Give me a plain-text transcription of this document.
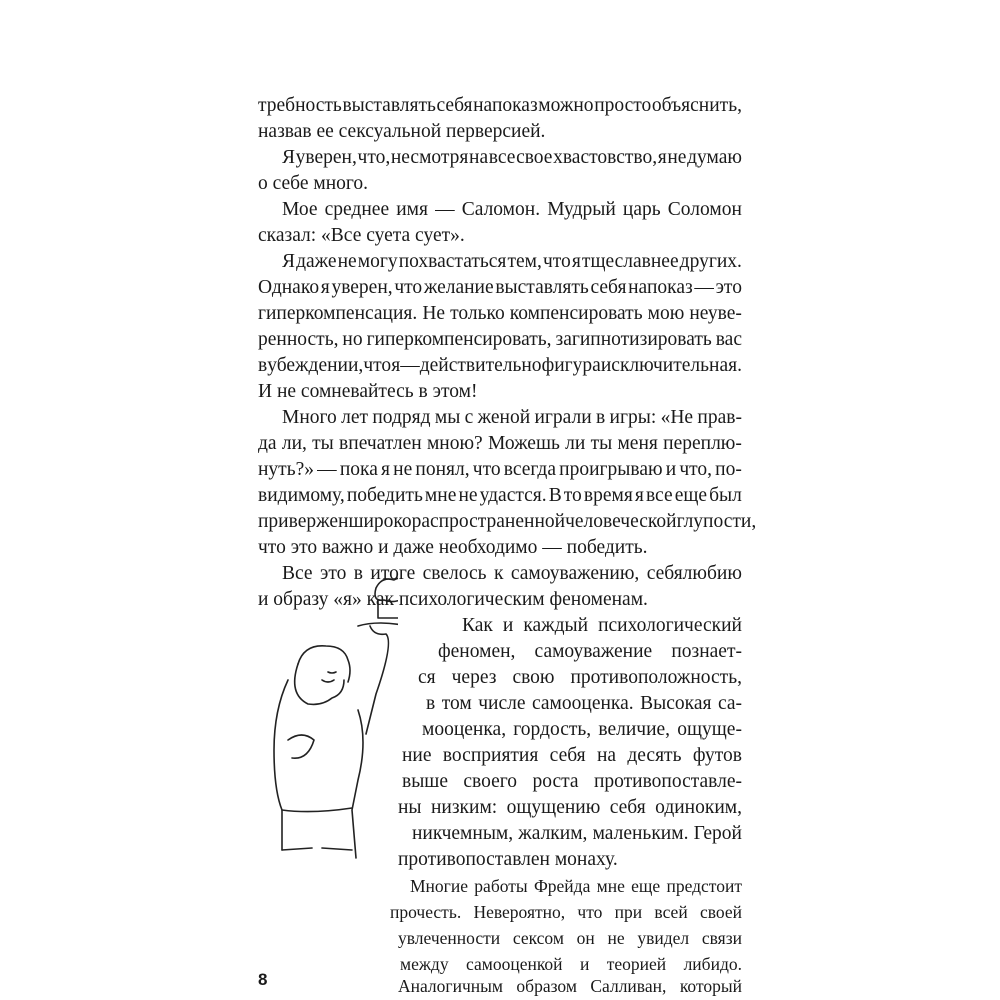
требность выставлять себя напоказ можно просто объяснить,
назвав ее сексуальной перверсией.
Я уверен, что, несмотря на все свое хвастовство, я не думаю
о себе много.
Мое среднее имя — Саломон. Мудрый царь Соломон
сказал: «Все суета сует».
Я даже не могу похвастаться тем, что я тщеславнее других.
Однако я уверен, что желание выставлять себя напоказ — это
гиперкомпенсация. Не только компенсировать мою неуве-
ренность, но гиперкомпенсировать, загипнотизировать вас
в убеждении, что я — действительно фигура исключительная.
И не сомневайтесь в этом!
Много лет подряд мы с женой играли в игры: «Не прав-
да ли, ты впечатлен мною? Можешь ли ты меня переплю-
нуть?» — пока я не понял, что всегда проигрываю и что, по-
видимому, победить мне не удастся. В то время я все еще был
привержен широко распространенной человеческой глупости,
что это важно и даже необходимо — победить.
Все это в итоге свелось к самоуважению, себялюбию
и образу «я» как психологическим феноменам.
Как и каждый психологический
феномен, самоуважение познает-
ся через свою противоположность,
в том числе самооценка. Высокая са-
мооценка, гордость, величие, ощуще-
ние восприятия себя на десять футов
выше своего роста противопоставле-
ны низким: ощущению себя одиноким,
никчемным, жалким, маленьким. Герой
противопоставлен монаху.
Многие работы Фрейда мне еще предстоит
прочесть. Невероятно, что при всей своей
увлеченности сексом он не увидел связи
между самооценкой и теорией либидо.
Аналогичным образом Салливан, который
8
